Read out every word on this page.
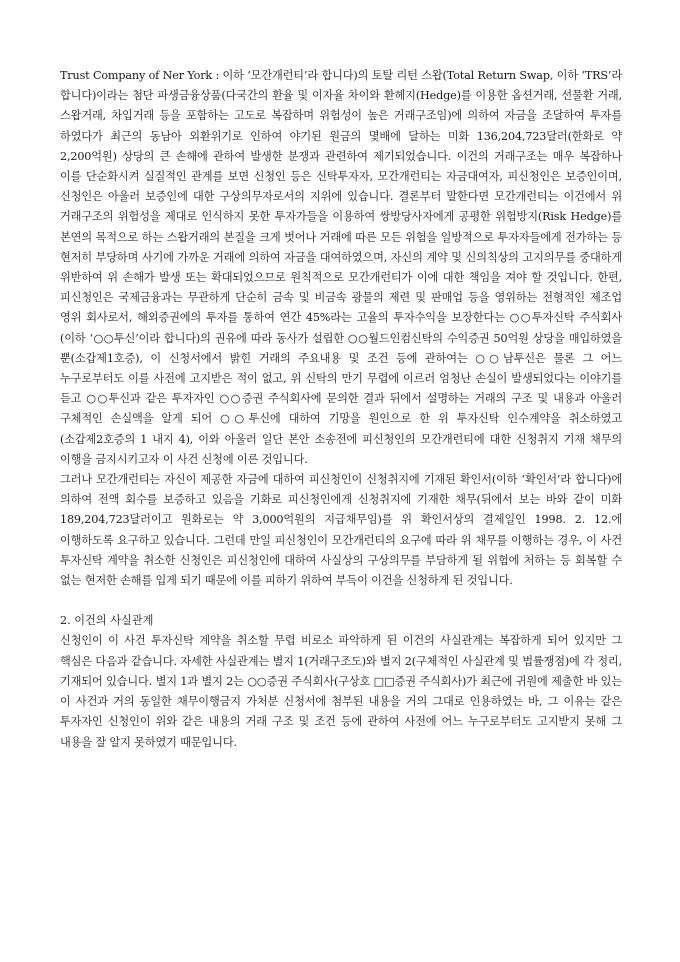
Trust Company of Ner York : 이하 ‘모간개런티’라 합니다)의 토탈 리턴 스왑(Total Return Swap, 이하 ‘TRS’라 합니다)이라는 첨단 파생금융상품(다국간의 환율 및 이자율 차이와 환헤지(Hedge)를 이용한 옵션거래, 선물환 거래, 스왑거래, 차입거래 등을 포함하는 고도로 복잡하며 위험성이 높은 거래구조임)에 의하여 자금을 조달하여 투자를 하였다가 최근의 동남아 외환위기로 인하여 야기된 원금의 몇배에 달하는 미화 136,204,723달러(한화로 약 2,200억원) 상당의 큰 손해에 관하여 발생한 분쟁과 관련하여 제기되었습니다. 이건의 거래구조는 매우 복잡하나 이를 단순화시켜 실질적인 관계를 보면 신청인 등은 신탁투자자, 모간개런티는 자금대여자, 피신청인은 보증인이며, 신청인은 아울러 보증인에 대한 구상의무자로서의 지위에 있습니다. 결론부터 말한다면 모간개런티는 이건에서 위 거래구조의 위험성을 제대로 인식하지 못한 투자가들을 이용하여 쌍방당사자에게 공평한 위험방지(Risk Hedge)를 본연의 목적으로 하는 스왑거래의 본질을 크게 벗어나 거래에 따른 모든 위험을 일방적으로 투자자들에게 전가하는 등 현저히 부당하며 사기에 가까운 거래에 의하여 자금을 대여하였으며, 자신의 계약 및 신의칙상의 고지의무를 중대하게 위반하여 위 손해가 발생 또는 확대되었으므로 원칙적으로 모간개런티가 이에 대한 책임을 져야 할 것입니다. 한편, 피신청인은 국제금융과는 무관하게 단순히 금속 및 비금속 광물의 제련 및 판매업 등을 영위하는 전형적인 제조업 영위 회사로서, 해외증권에의 투자를 통하여 연간 45%라는 고율의 투자수익을 보장한다는 ○○투자신탁 주식회사(이하 ‘○○투신’이라 합니다)의 권유에 따라 동사가 설립한 ○○월드인컴신탁의 수익증권 50억원 상당을 매입하였을 뿐(소갑제1호증), 이 신청서에서 밝힌 거래의 주요내용 및 조건 등에 관하여는 ○○남투신은 물론 그 어느 누구로부터도 이를 사전에 고지받은 적이 없고, 위 신탁의 만기 무렵에 이르러 엄청난 손실이 발생되었다는 이야기를 듣고 ○○투신과 같은 투자자인 ○○증권 주식회사에 문의한 결과 뒤에서 설명하는 거래의 구조 및 내용과 아울러 구체적인 손실액을 알게 되어 ○○투신에 대하여 기망을 원인으로 한 위 투자신탁 인수계약을 취소하였고(소갑제2호증의 1 내지 4), 이와 아울러 일단 본안 소송전에 피신청인의 모간개런티에 대한 신청취지 기재 채무의 이행을 금지시키고자 이 사건 신청에 이른 것입니다.

그러나 모간개런티는 자신이 제공한 자금에 대하여 피신청인이 신청취지에 기재된 확인서(이하 ‘확인서’라 합니다)에 의하여 전액 회수를 보증하고 있음을 기화로 피신청인에게 신청취지에 기재한 채무(뒤에서 보는 바와 같이 미화 189,204,723달러이고 원화로는 약 3,000억원의 지급채무임)를 위 확인서상의 결제일인 1998. 2. 12.에 이행하도록 요구하고 있습니다. 그런데 만일 피신청인이 모간개런티의 요구에 따라 위 채무를 이행하는 경우, 이 사건 투자신탁 계약을 취소한 신청인은 피신청인에 대하여 사실상의 구상의무를 부담하게 될 위험에 처하는 등 회복할 수 없는 현저한 손해를 입게 되기 때문에 이를 피하기 위하여 부득이 이건을 신청하게 된 것입니다.

2. 이건의 사실관계

신청인이 이 사건 투자신탁 계약을 취소할 무렵 비로소 파악하게 된 이건의 사실관계는 복잡하게 되어 있지만 그 핵심은 다음과 같습니다. 자세한 사실관계는 별지 1(거래구조도)와 별지 2(구체적인 사실관계 및 법률쟁점)에 각 정리, 기재되어 있습니다. 별지 1과 별지 2는 ○○증권 주식회사(구상호 □□증권 주식회사)가 최근에 귀원에 제출한 바 있는 이 사건과 거의 동일한 채무이행금지 가처분 신청서에 첨부된 내용을 거의 그대로 인용하였는 바, 그 이유는 같은 투자자인 신청인이 위와 같은 내용의 거래 구조 및 조건 등에 관하여 사전에 어느 누구로부터도 고지받지 못해 그 내용을 잘 알지 못하였기 때문입니다.
